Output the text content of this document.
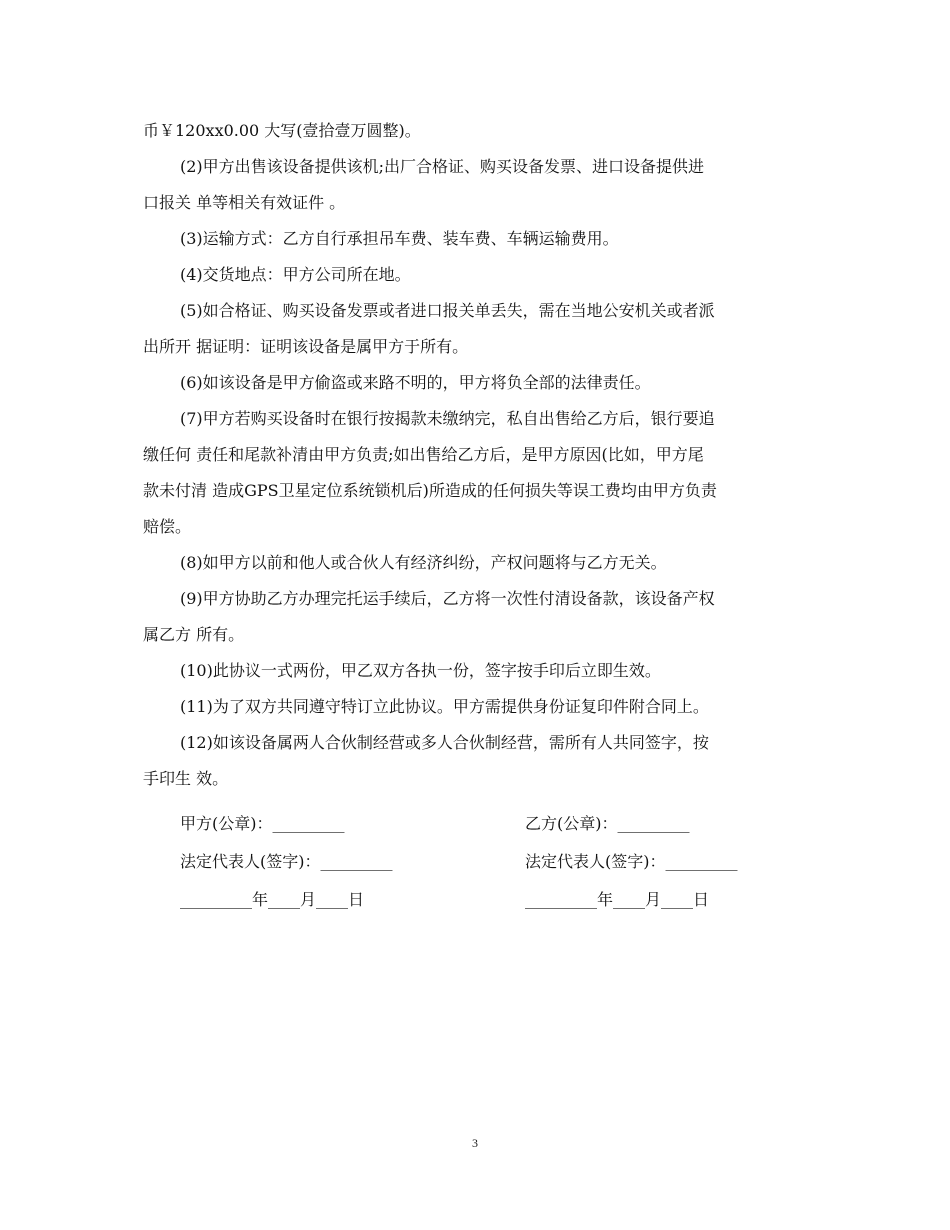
币￥120xx0.00 大写(壹拾壹万圆整)。
(2)甲方出售该设备提供该机;出厂合格证、购买设备发票、进口设备提供进
口报关 单等相关有效证件 。
(3)运输方式：乙方自行承担吊车费、装车费、车辆运输费用。
(4)交货地点：甲方公司所在地。
(5)如合格证、购买设备发票或者进口报关单丢失，需在当地公安机关或者派
出所开 据证明：证明该设备是属甲方于所有。
(6)如该设备是甲方偷盗或来路不明的，甲方将负全部的法律责任。
(7)甲方若购买设备时在银行按揭款未缴纳完，私自出售给乙方后，银行要追
缴任何 责任和尾款补清由甲方负责;如出售给乙方后，是甲方原因(比如，甲方尾
款未付清 造成GPS卫星定位系统锁机后)所造成的任何损失等误工费均由甲方负责
赔偿。
(8)如甲方以前和他人或合伙人有经济纠纷，产权问题将与乙方无关。
(9)甲方协助乙方办理完托运手续后，乙方将一次性付清设备款，该设备产权
属乙方 所有。
(10)此协议一式两份，甲乙双方各执一份，签字按手印后立即生效。
(11)为了双方共同遵守特订立此协议。甲方需提供身份证复印件附合同上。
(12)如该设备属两人合伙制经营或多人合伙制经营，需所有人共同签字，按
手印生 效。
甲方(公章)：_________
法定代表人(签字)：_________
_________年____月____日
乙方(公章)：_________
法定代表人(签字)：_________
_________年____月____日
3
